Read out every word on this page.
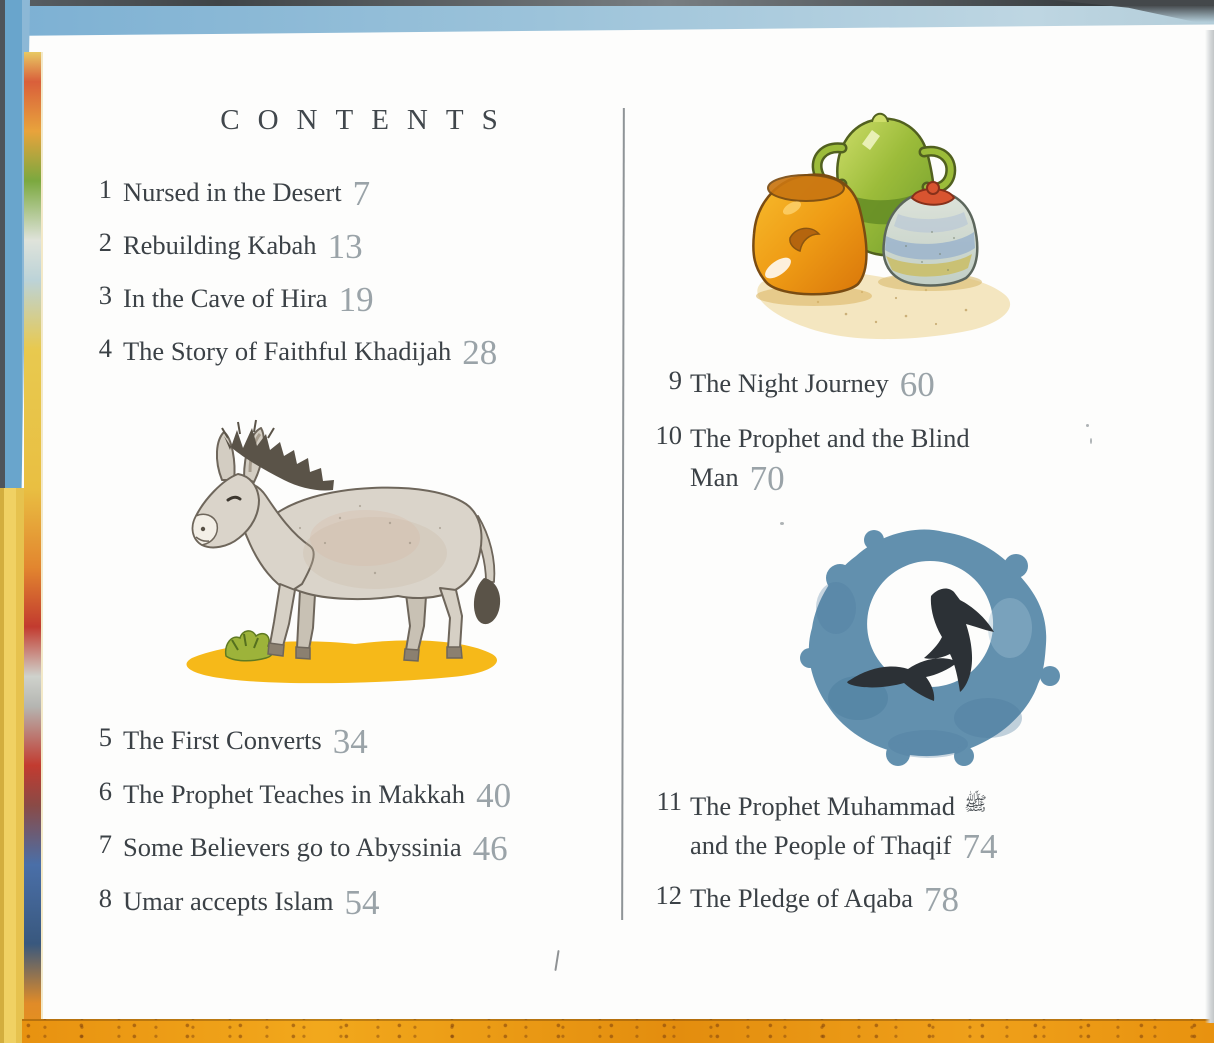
CONTENTS
1 Nursed in the Desert 7
2 Rebuilding Kabah 13
3 In the Cave of Hira 19
4 The Story of Faithful Khadijah 28
5 The First Converts 34
6 The Prophet Teaches in Makkah 40
7 Some Believers go to Abyssinia 46
8 Umar accepts Islam 54
9 The Night Journey 60
10 The Prophet and the Blind
Man 70
11 The Prophet Muhammad ﷺ
and the People of Thaqif 74
12 The Pledge of Aqaba 78
